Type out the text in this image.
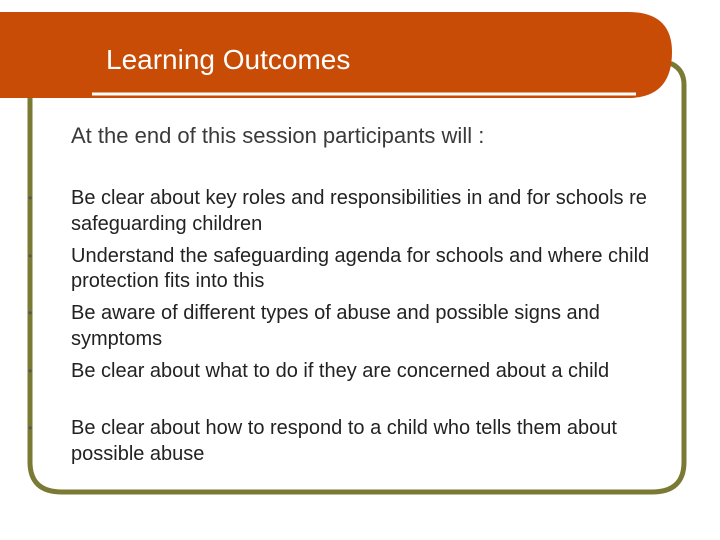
Learning Outcomes
At the end of this session participants will :
• Be clear about key roles and responsibilities in and for schools re safeguarding children
• Understand the safeguarding agenda for schools and where child protection fits into this
• Be aware of different types of abuse and possible signs and symptoms
• Be clear about what to do if they are concerned about a child
• Be clear about how to respond to a child who tells them about possible abuse
